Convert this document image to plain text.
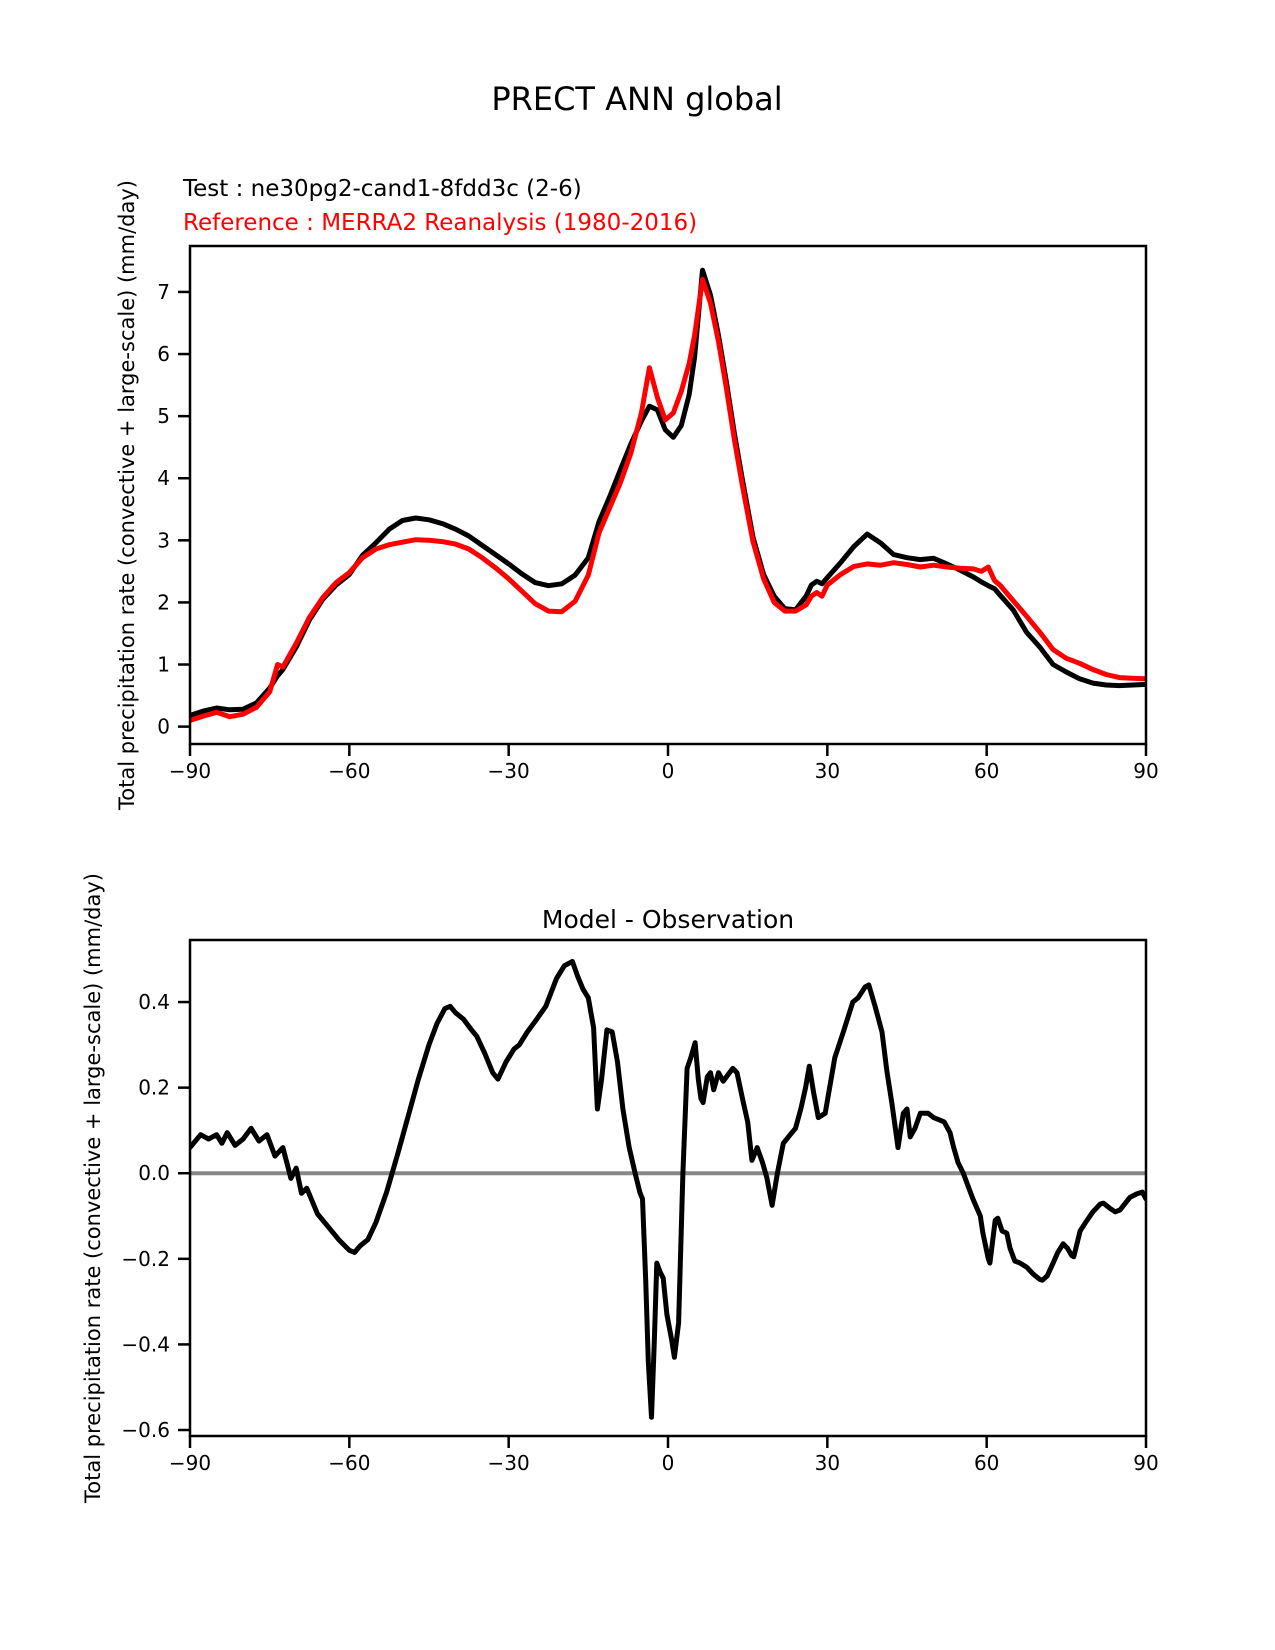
PRECT ANN global
Test : ne30pg2-cand1-8fdd3c (2-6)
Reference : MERRA2 Reanalysis (1980-2016)
Total precipitation rate (convective + large-scale) (mm/day)
Model - Observation
Total precipitation rate (convective + large-scale) (mm/day)
−90	−60	−30	0	30	60	90
0
1
2
3
4
5
6
7
−90	−60	−30	0	30	60	90
0.4
0.2
0.0
−0.2
−0.4
−0.6
